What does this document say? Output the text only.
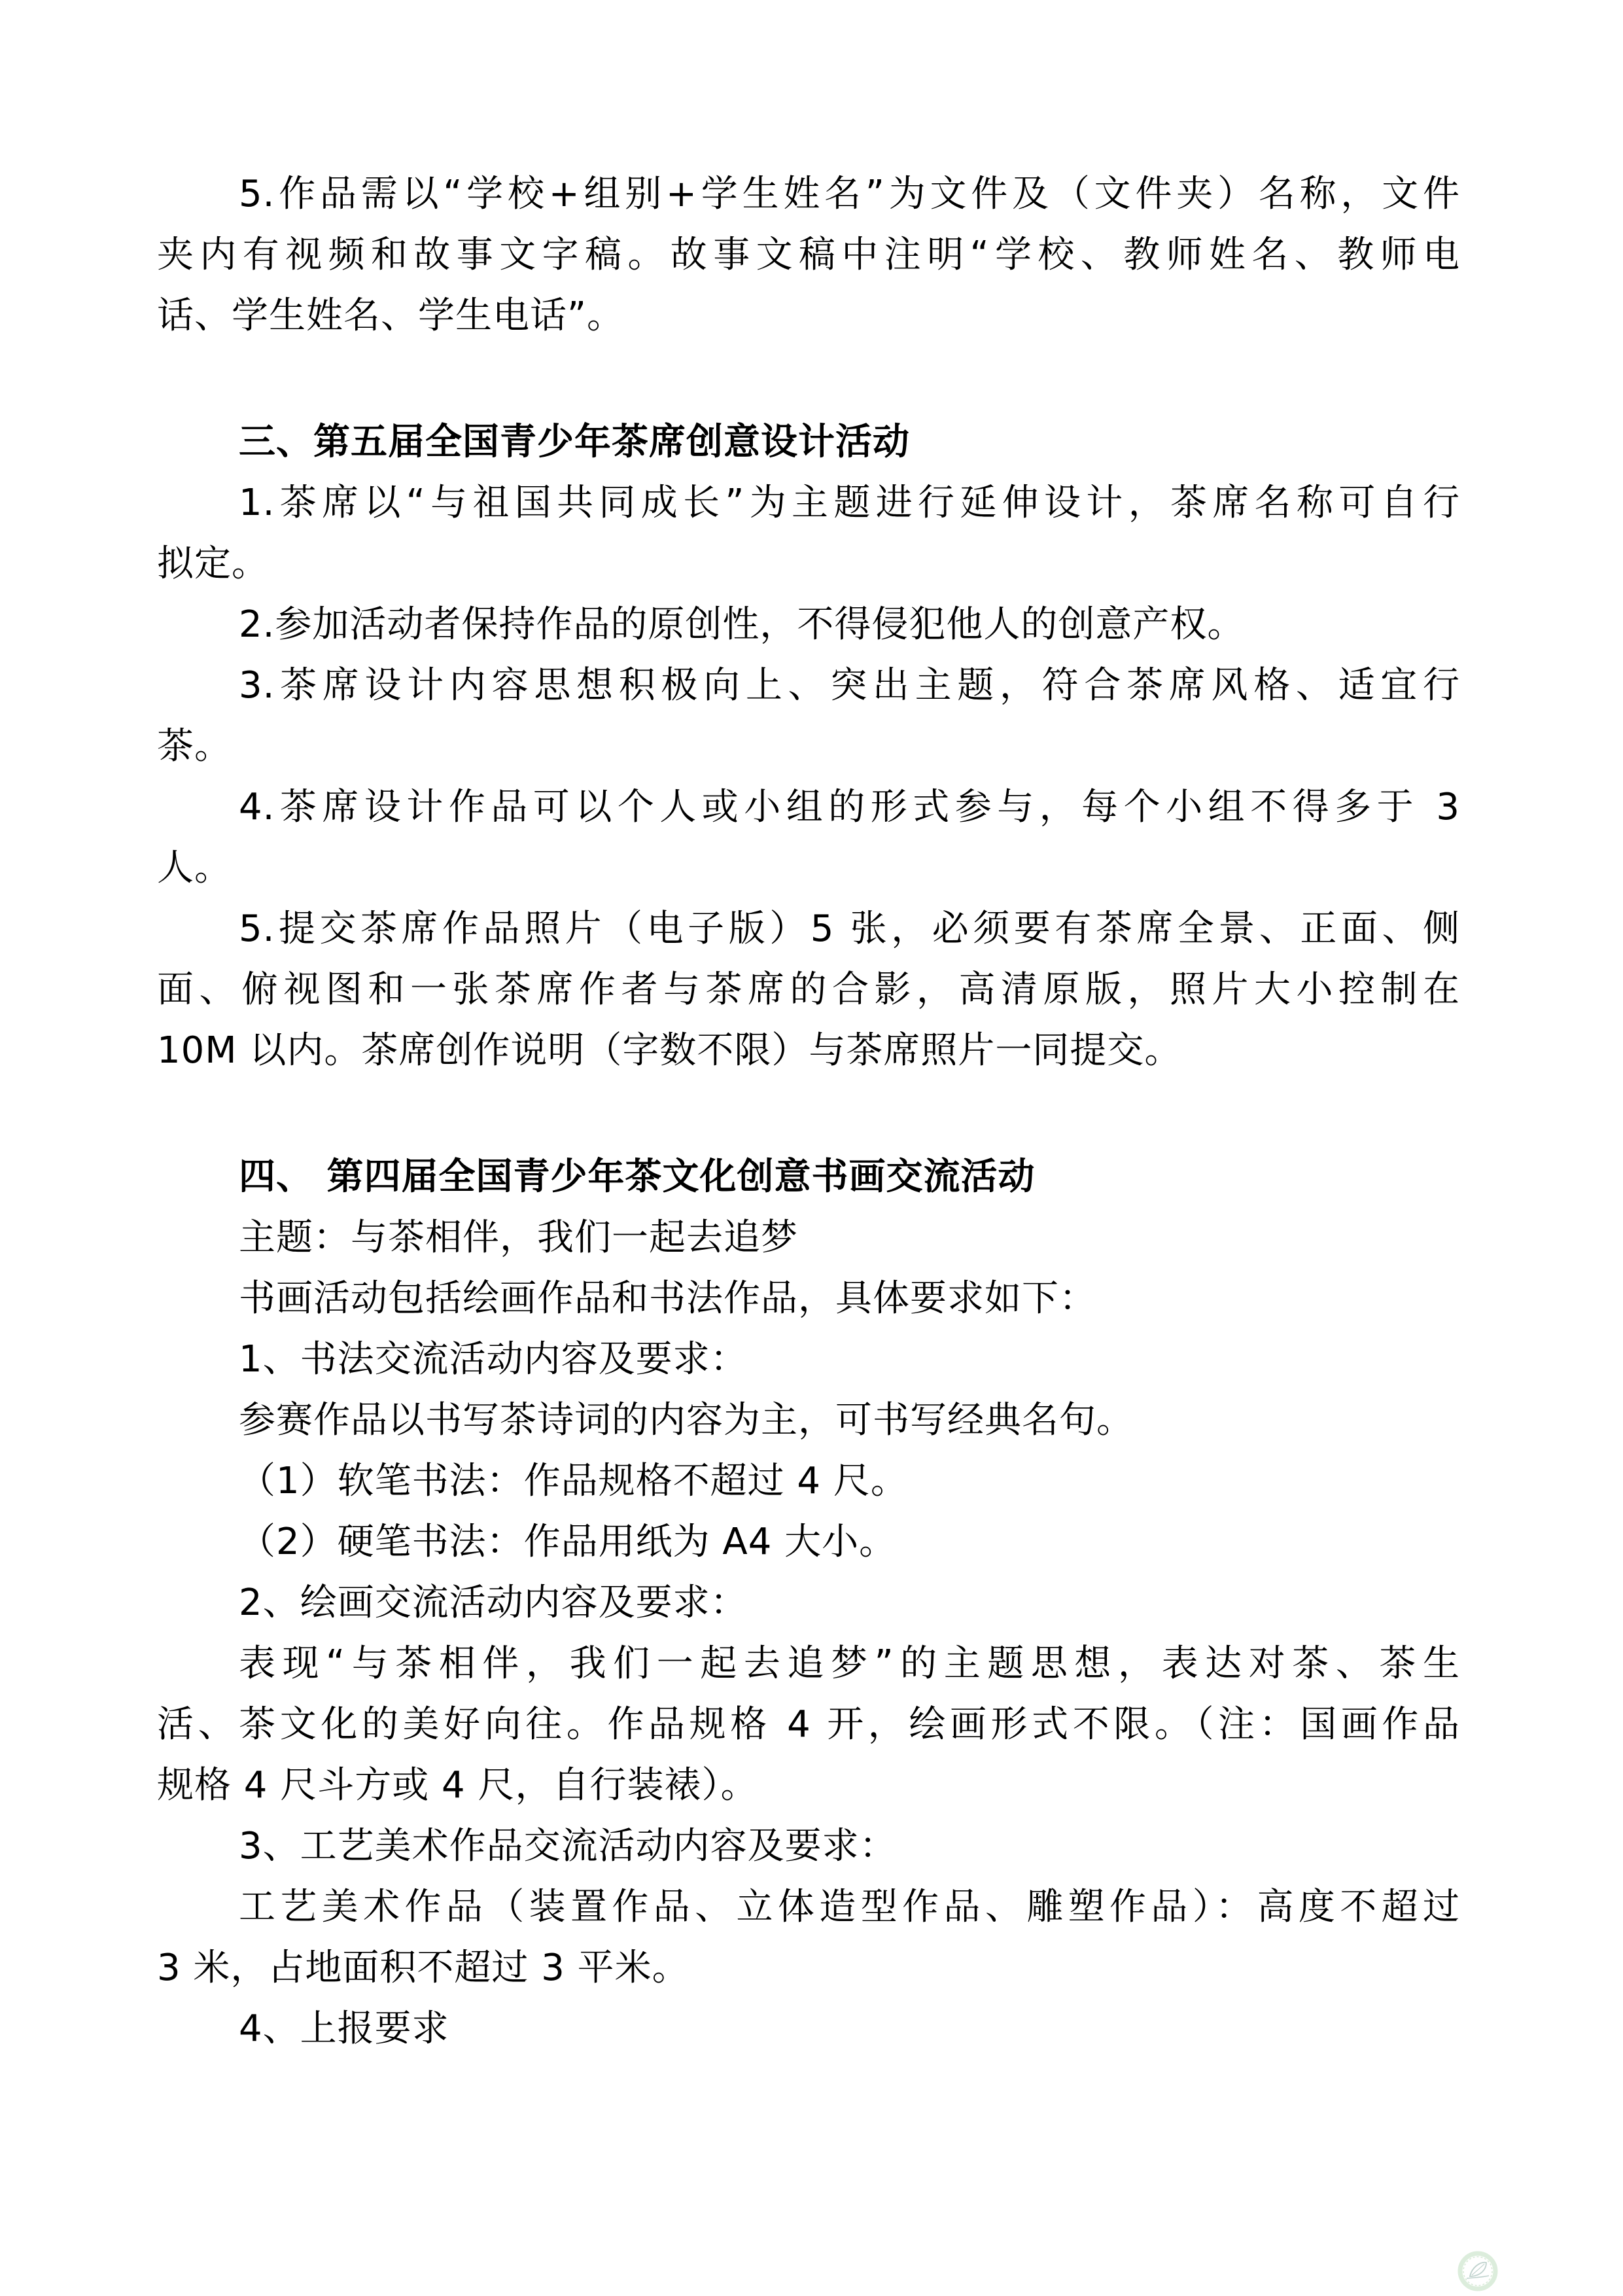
5.作品需以“学校+组别+学生姓名”为文件及（文件夹）名称，文件
夹内有视频和故事文字稿。故事文稿中注明“学校、教师姓名、教师电
话、学生姓名、学生电话”。
三、第五届全国青少年茶席创意设计活动
1.茶席以“与祖国共同成长”为主题进行延伸设计，茶席名称可自行
拟定。
2.参加活动者保持作品的原创性，不得侵犯他人的创意产权。
3.茶席设计内容思想积极向上、突出主题，符合茶席风格、适宜行
茶。
4.茶席设计作品可以个人或小组的形式参与，每个小组不得多于 3
人。
5.提交茶席作品照片（电子版）5 张，必须要有茶席全景、正面、侧
面、俯视图和一张茶席作者与茶席的合影，高清原版，照片大小控制在
10M 以内。茶席创作说明（字数不限）与茶席照片一同提交。
四、 第四届全国青少年茶文化创意书画交流活动
主题：与茶相伴，我们一起去追梦
书画活动包括绘画作品和书法作品，具体要求如下：
1、书法交流活动内容及要求：
参赛作品以书写茶诗词的内容为主，可书写经典名句。
（1）软笔书法：作品规格不超过 4 尺。
（2）硬笔书法：作品用纸为 A4 大小。
2、绘画交流活动内容及要求：
表现“与茶相伴，我们一起去追梦”的主题思想，表达对茶、茶生
活、茶文化的美好向往。作品规格 4 开，绘画形式不限。（注：国画作品
规格 4 尺斗方或 4 尺，自行装裱）。
3、工艺美术作品交流活动内容及要求：
工艺美术作品（装置作品、立体造型作品、雕塑作品）：高度不超过
3 米，占地面积不超过 3 平米。
4、上报要求
